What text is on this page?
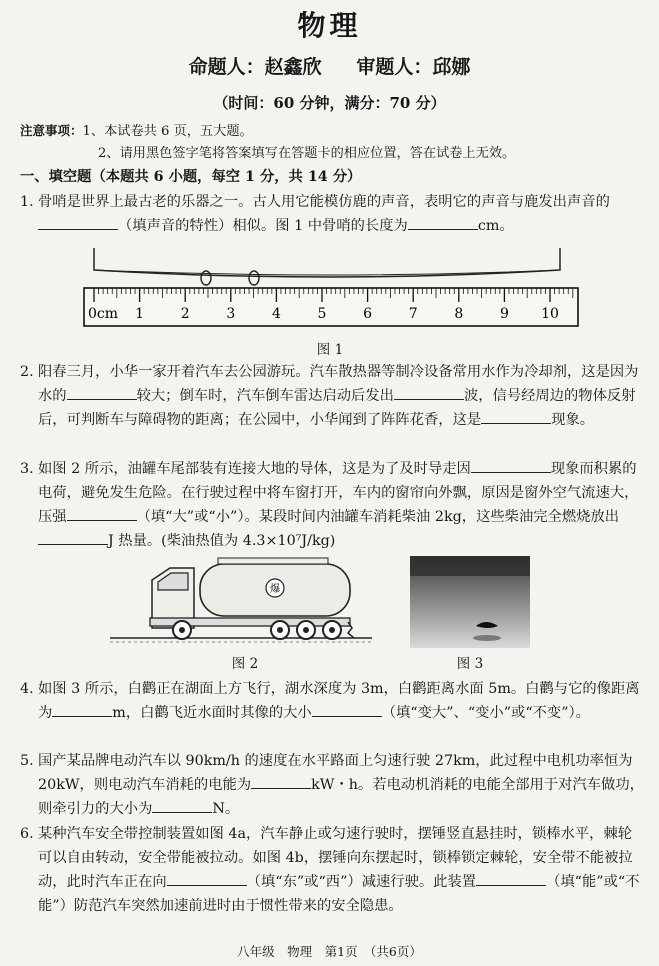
物理
命题人：赵鑫欣 审题人：邱娜
（时间：60 分钟，满分：70 分）
注意事项：1、本试卷共 6 页，五大题。
2、请用黑色签字笔将答案填写在答题卡的相应位置，答在试卷上无效。
一、填空题（本题共 6 小题，每空 1 分，共 14 分）
1. 骨哨是世界上最古老的乐器之一。古人用它能模仿鹿的声音，表明它的声音与鹿发出声音的（填声音的特性）相似。图 1 中骨哨的长度为	cm。
0cm 1	2	3	4	5	6	7	8	9 10
图 1
2. 阳春三月，小华一家开着汽车去公园游玩。汽车散热器等制冷设备常用水作为冷却剂，这是因为水的	较大；倒车时，汽车倒车雷达启动后发出	波，信号经周边的物体反射后，可判断车与障碍物的距离；在公园中，小华闻到了阵阵花香，这是	现象。
3. 如图 2 所示，油罐车尾部装有连接大地的导体，这是为了及时导走因	现象而积累的电荷，避免发生危险。在行驶过程中将车窗打开，车内的窗帘向外飘，原因是窗外空气流速大，压强	（填“大”或“小”）。某段时间内油罐车消耗柴油 2kg，这些柴油完全燃烧放出J 热量。(柴油热值为 4.3×10⁷J/kg)
爆
图 2	图 3
4. 如图 3 所示，白鹳正在湖面上方飞行，湖水深度为 3m，白鹳距离水面 5m。白鹳与它的像距离为	m，白鹳飞近水面时其像的大小	（填“变大”、“变小”或“不变”）。
5. 国产某品牌电动汽车以 90km/h 的速度在水平路面上匀速行驶 27km，此过程中电机功率恒为 20kW，则电动汽车消耗的电能为	kW・h。若电动机消耗的电能全部用于对汽车做功，则牵引力的大小为	N。
6. 某种汽车安全带控制装置如图 4a，汽车静止或匀速行驶时，摆锤竖直悬挂时，锁棒水平，棘轮可以自由转动，安全带能被拉动。如图 4b，摆锤向东摆起时，锁棒锁定棘轮，安全带不能被拉动，此时汽车正在向	（填“东”或“西”）减速行驶。此装置	（填“能”或“不能”）防范汽车突然加速前进时由于惯性带来的安全隐患。
八年级　物理　第1页　（共6页）
